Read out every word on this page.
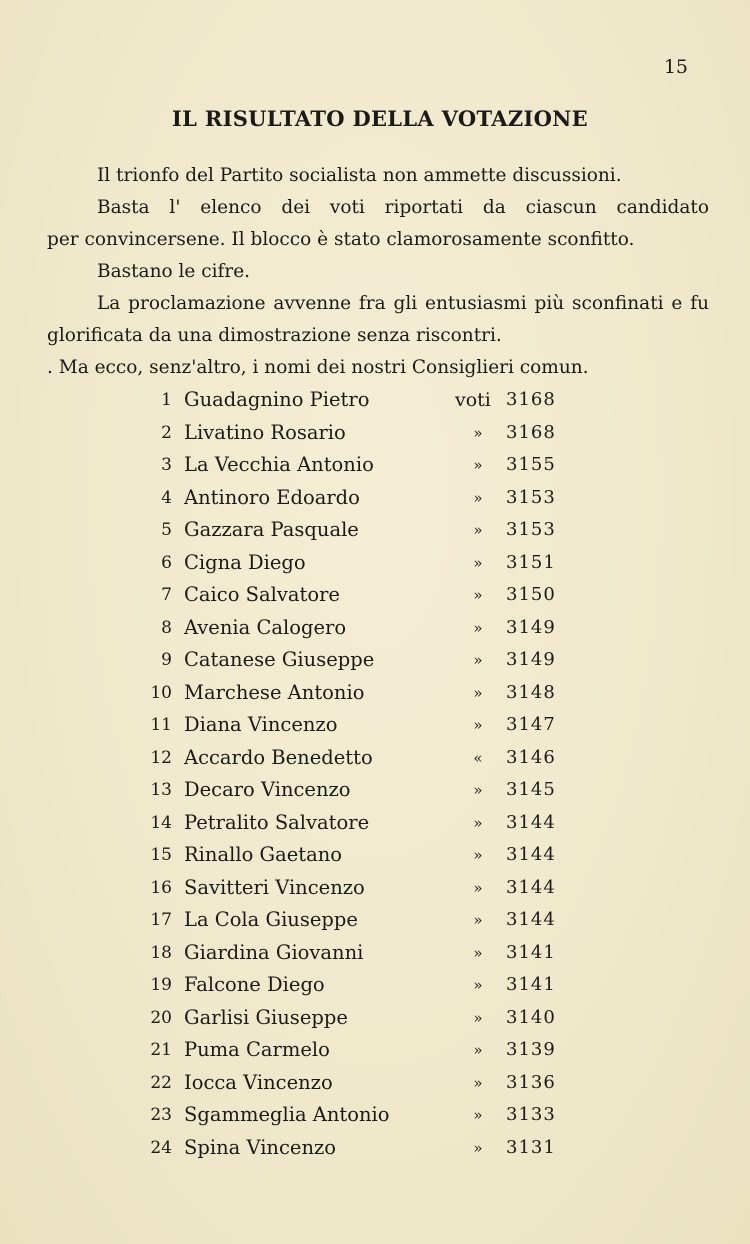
15
IL RISULTATO DELLA VOTAZIONE

Il trionfo del Partito socialista non ammette discussioni.

Basta l' elenco dei voti riportati da ciascun candidato

per convincersene. Il blocco è stato clamorosamente sconfitto.

Bastano le cifre.

La proclamazione avvenne fra gli entusiasmi più sconfinati e fu glorificata da una dimostrazione senza riscontri.

. Ma ecco, senz'altro, i nomi dei nostri Consiglieri comun.

1 Guadagnino Pietro	voti 3168
2 Livatino Rosario	» 3168
3 La Vecchia Antonio	» 3155
4 Antinoro Edoardo	» 3153
5 Gazzara Pasquale	» 3153
6 Cigna Diego	» 3151
7 Caico Salvatore	» 3150
8 Avenia Calogero	» 3149
9 Catanese Giuseppe	» 3149
10 Marchese Antonio	» 3148
11 Diana Vincenzo	» 3147
12 Accardo Benedetto	« 3146
13 Decaro Vincenzo	» 3145
14 Petralito Salvatore	» 3144
15 Rinallo Gaetano	» 3144
16 Savitteri Vincenzo	» 3144
17 La Cola Giuseppe	» 3144
18 Giardina Giovanni	» 3141
19 Falcone Diego	» 3141
20 Garlisi Giuseppe	» 3140
21 Puma Carmelo	» 3139
22 Iocca Vincenzo	» 3136
23 Sgammeglia Antonio	» 3133
24 Spina Vincenzo	» 3131
